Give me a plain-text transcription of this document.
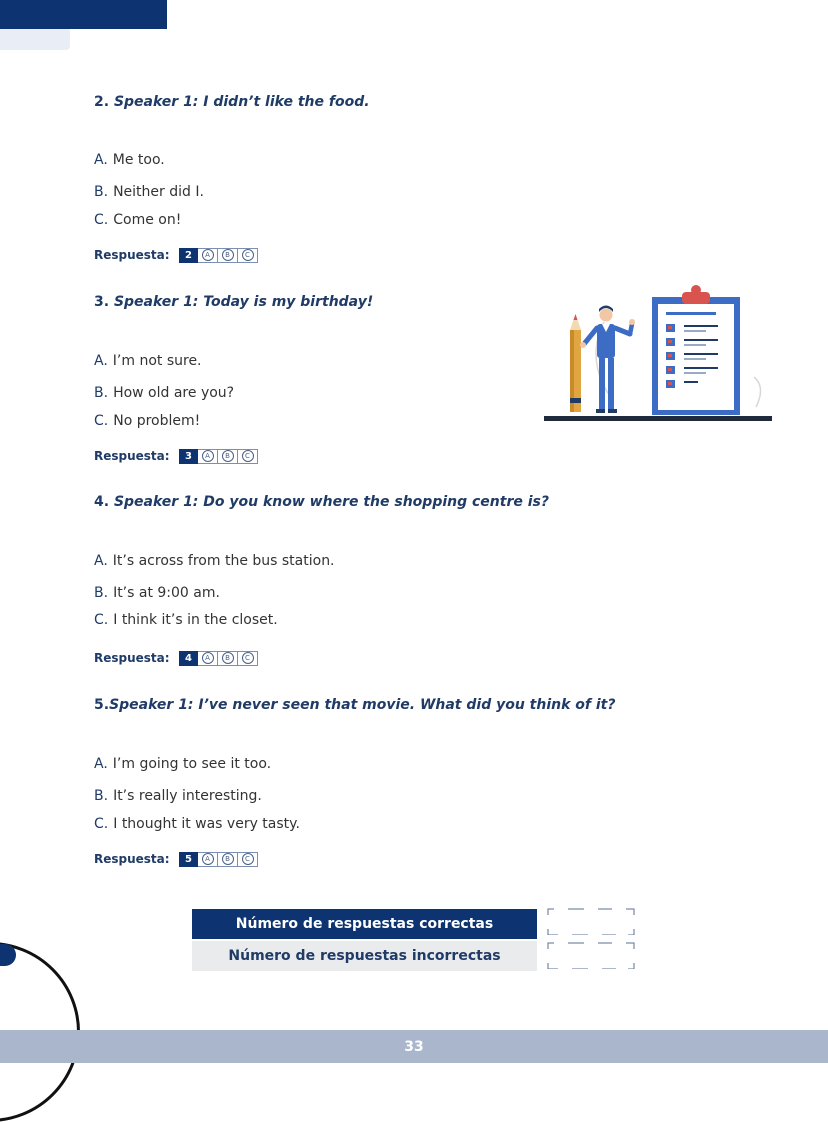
2. Speaker 1: I didn’t like the food.
A. Me too.
B. Neither did I.
C. Come on!
Respuesta:	2	A	B	C
3. Speaker 1: Today is my birthday!
A. I’m not sure.
B. How old are you?
C. No problem!
Respuesta:	3	A	B	C
4. Speaker 1: Do you know where the shopping centre is?
A. It’s across from the bus station.
B. It’s at 9:00 am.
C. I think it’s in the closet.
Respuesta:	4	A	B	C
5.Speaker 1: I’ve never seen that movie. What did you think of it?
A. I’m going to see it too.
B. It’s really interesting.
C. I thought it was very tasty.
Respuesta:	5	A	B	C
Número de respuestas correctas
Número de respuestas incorrectas
33
